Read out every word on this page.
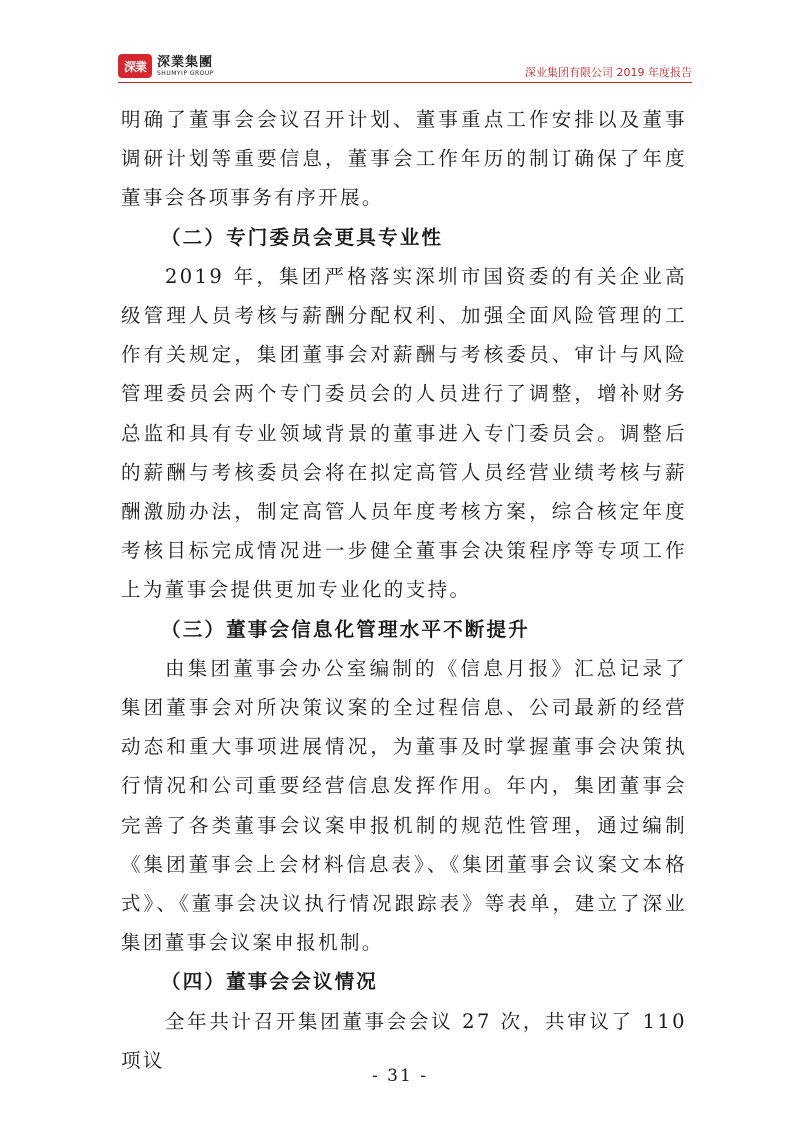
深業 深業集團
SHUMYIP GROUP	深业集团有限公司 2019 年度报告

明确了董事会会议召开计划、董事重点工作安排以及董事调研计划等重要信息，董事会工作年历的制订确保了年度董事会各项事务有序开展。

（二）专门委员会更具专业性

2019 年，集团严格落实深圳市国资委的有关企业高级管理人员考核与薪酬分配权利、加强全面风险管理的工作有关规定，集团董事会对薪酬与考核委员、审计与风险管理委员会两个专门委员会的人员进行了调整，增补财务总监和具有专业领域背景的董事进入专门委员会。调整后的薪酬与考核委员会将在拟定高管人员经营业绩考核与薪酬激励办法，制定高管人员年度考核方案，综合核定年度考核目标完成情况进一步健全董事会决策程序等专项工作上为董事会提供更加专业化的支持。

（三）董事会信息化管理水平不断提升

由集团董事会办公室编制的《信息月报》汇总记录了集团董事会对所决策议案的全过程信息、公司最新的经营动态和重大事项进展情况，为董事及时掌握董事会决策执行情况和公司重要经营信息发挥作用。年内，集团董事会完善了各类董事会议案申报机制的规范性管理，通过编制《集团董事会上会材料信息表》、《集团董事会议案文本格式》、《董事会决议执行情况跟踪表》等表单，建立了深业集团董事会议案申报机制。

（四）董事会会议情况

全年共计召开集团董事会会议 27 次，共审议了 110 项议

- 31 -
